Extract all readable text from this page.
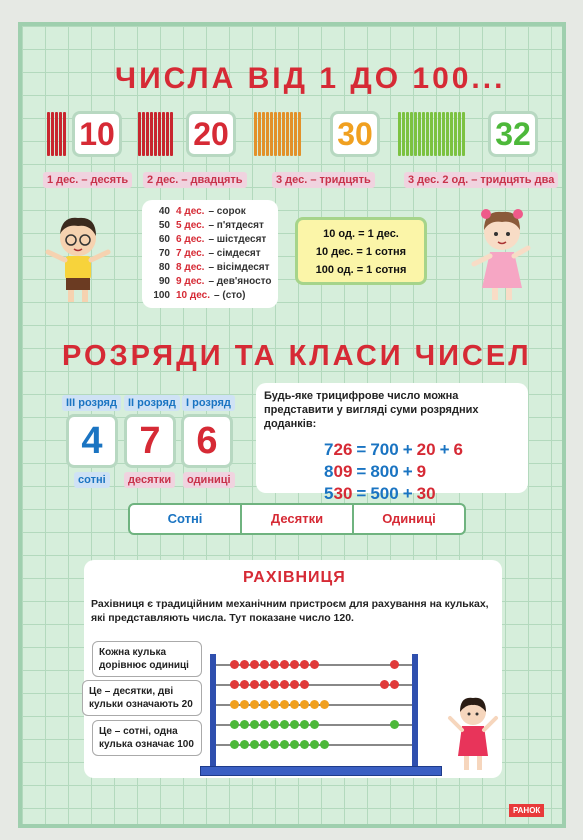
ЧИСЛА ВІД 1 ДО 100...
10 20	30	32
1 дес. – десять	2 дес. – двадцять	3 дес. – тридцять	3 дес. 2 од. – тридцять два
40 4 дес. – сорок
50 5 дес. – п'ятдесят
60 6 дес. – шістдесят
70 7 дес. – сімдесят
80 8 дес. – вісімдесят
90 9 дес. – дев'яносто
100 10 дес. – (сто)
10 од. = 1 дес.
10 дес. = 1 сотня
100 од. = 1 сотня
РОЗРЯДИ ТА КЛАСИ ЧИСЕЛ
ІІІ розряд	ІІ розряд І розряд
4 7 6
сотні	десятки	одиниці
Будь-яке трицифрове число можна представити у вигляді суми розрядних доданків:
726 = 700 + 20 + 6
809 = 800 + 9
530 = 500 + 30
Сотні	Десятки	Одиниці
РАХІВНИЦЯ
Рахівниця є традиційним механічним пристроєм для рахування на кульках, які представляють числа. Тут показане число 120.
Кожна кулька дорівнює одиниці
Це – десятки, дві кульки означають 20
Це – сотні, одна кулька означає 100
РАНОК
